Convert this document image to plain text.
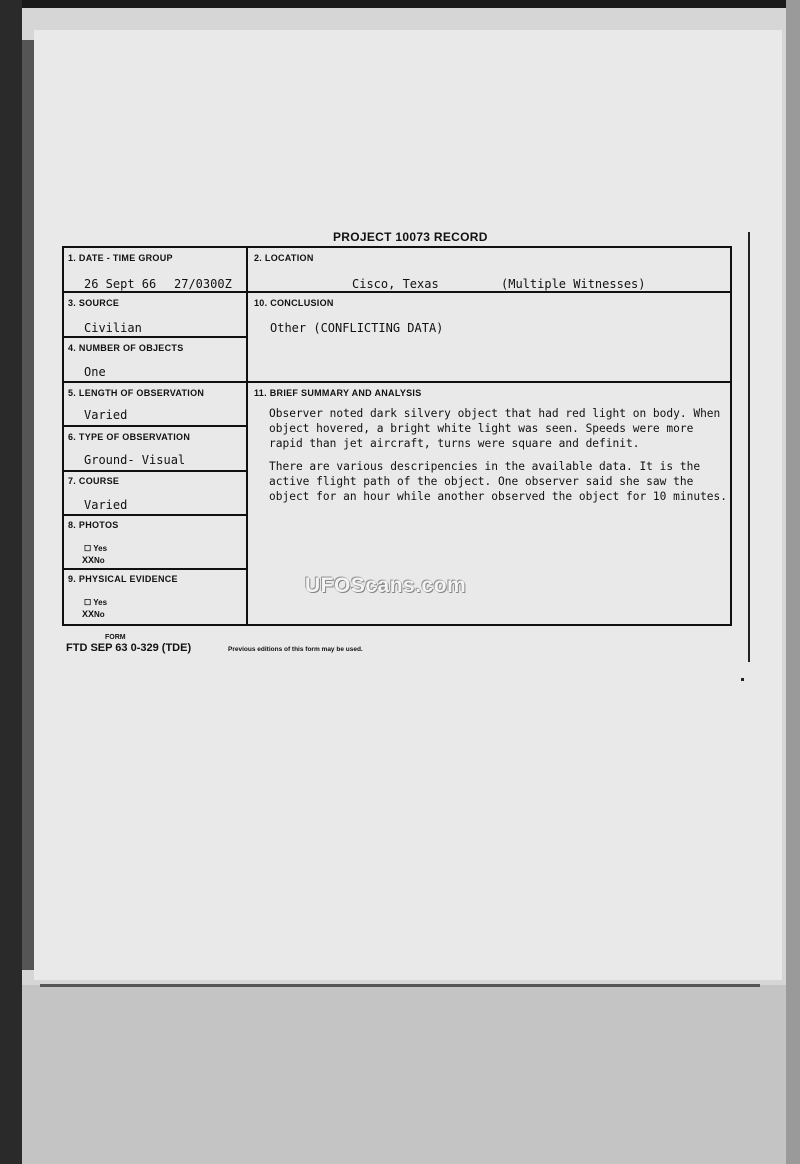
PROJECT 10073 RECORD
1. DATE - TIME GROUP
26 Sept 66 27/0300Z
2. LOCATION
Cisco, Texas	(Multiple Witnesses)
3. SOURCE
Civilian
10. CONCLUSION
Other (CONFLICTING DATA)
4. NUMBER OF OBJECTS
One
5. LENGTH OF OBSERVATION
Varied
11. BRIEF SUMMARY AND ANALYSIS
6. TYPE OF OBSERVATION
Ground- Visual
7. COURSE
Varied
8. PHOTOS
☐ Yes
XXNo
9. PHYSICAL EVIDENCE
☐ Yes
XXNo

Observer noted dark silvery object that had red light on body. When object hovered, a bright white light was seen. Speeds were more rapid than jet aircraft, turns were square and definit.

There are various descripencies in the available data. It is the active flight path of the object. One observer said she saw the object for an hour while another observed the object for 10 minutes.

FORM
FTD SEP 63 0-329 (TDE)	Previous editions of this form may be used.
UFOScans.com
